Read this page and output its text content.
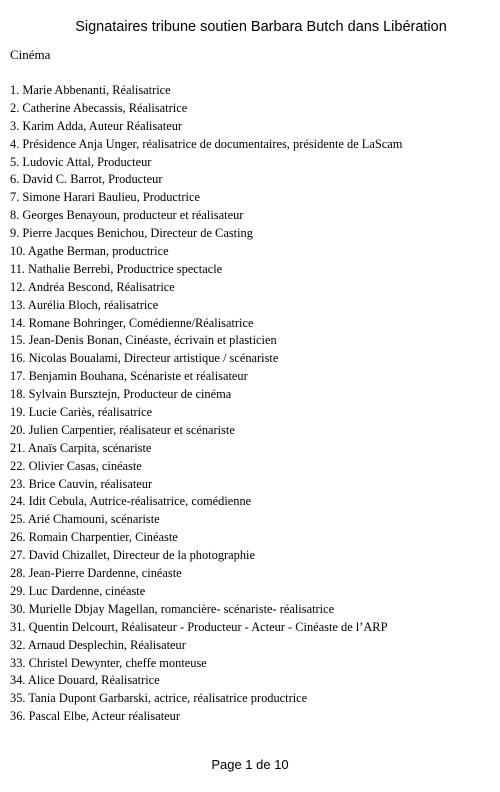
Signataires tribune soutien Barbara Butch dans Libération
Cinéma
1. Marie Abbenanti, Réalisatrice
2. Catherine Abecassis, Réalisatrice
3. Karim Adda, Auteur Réalisateur
4. Présidence Anja Unger, réalisatrice de documentaires, présidente de LaScam
5. Ludovic Attal, Producteur
6. David C. Barrot, Producteur
7. Simone Harari Baulieu, Productrice
8. Georges Benayoun, producteur et réalisateur
9. Pierre Jacques Benichou, Directeur de Casting
10. Agathe Berman, productrice
11. Nathalie Berrebi, Productrice spectacle
12. Andréa Bescond, Réalisatrice
13. Aurélia Bloch, réalisatrice
14. Romane Bohringer, Comédienne/Réalisatrice
15. Jean-Denis Bonan, Cinéaste, écrivain et plasticien
16. Nicolas Boualami, Directeur artistique / scénariste
17. Benjamin Bouhana, Scénariste et réalisateur
18. Sylvain Bursztejn, Producteur de cinéma
19. Lucie Cariès, réalisatrice
20. Julien Carpentier, réalisateur et scénariste
21. Anaïs Carpita, scénariste
22. Olivier Casas, cinéaste
23. Brice Cauvin, réalisateur
24. Idit Cebula, Autrice-réalisatrice, comédienne
25. Arié Chamouni, scénariste
26. Romain Charpentier, Cinéaste
27. David Chizallet, Directeur de la photographie
28. Jean-Pierre Dardenne, cinéaste
29. Luc Dardenne, cinéaste
30. Murielle Dbjay Magellan, romancière- scénariste- réalisatrice
31. Quentin Delcourt, Réalisateur - Producteur - Acteur - Cinéaste de l’ARP
32. Arnaud Desplechin, Réalisateur
33. Christel Dewynter, cheffe monteuse
34. Alice Douard, Réalisatrice
35. Tania Dupont Garbarski, actrice, réalisatrice productrice
36. Pascal Elbe, Acteur réalisateur
Page 1 de 10
